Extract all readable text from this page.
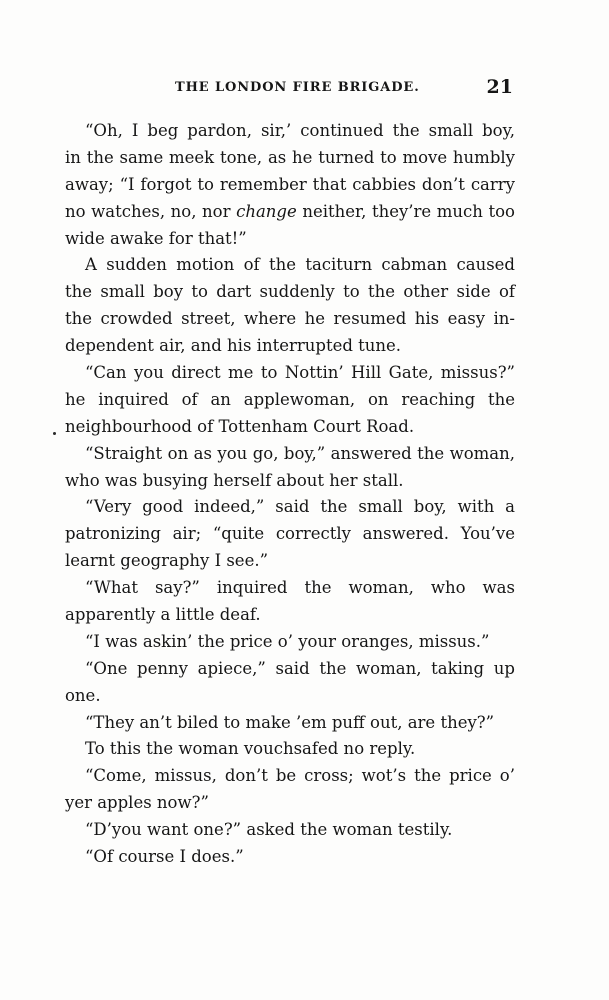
THE LONDON FIRE BRIGADE.	21
“Oh, I beg pardon, sir,’ continued the small boy,
in the same meek tone, as he turned to move humbly
away; “I forgot to remember that cabbies don’t carry
no watches, no, nor change neither, they’re much too
wide awake for that!”
A sudden motion of the taciturn cabman caused
the small boy to dart suddenly to the other side of
the crowded street, where he resumed his easy in-
dependent air, and his interrupted tune.
“Can you direct me to Nottin’ Hill Gate, missus?”
he inquired of an applewoman, on reaching the
neighbourhood of Tottenham Court Road.
“Straight on as you go, boy,” answered the woman,
who was busying herself about her stall.
“Very good indeed,” said the small boy, with a
patronizing air; “quite correctly answered. You’ve
learnt geography I see.”
“What say?” inquired the woman, who was
apparently a little deaf.
“I was askin’ the price o’ your oranges, missus.”
“One penny apiece,” said the woman, taking up
one.
“They an’t biled to make ’em puff out, are they?”
To this the woman vouchsafed no reply.
“Come, missus, don’t be cross; wot’s the price o’
yer apples now?”
“D’you want one?” asked the woman testily.
“Of course I does.”
